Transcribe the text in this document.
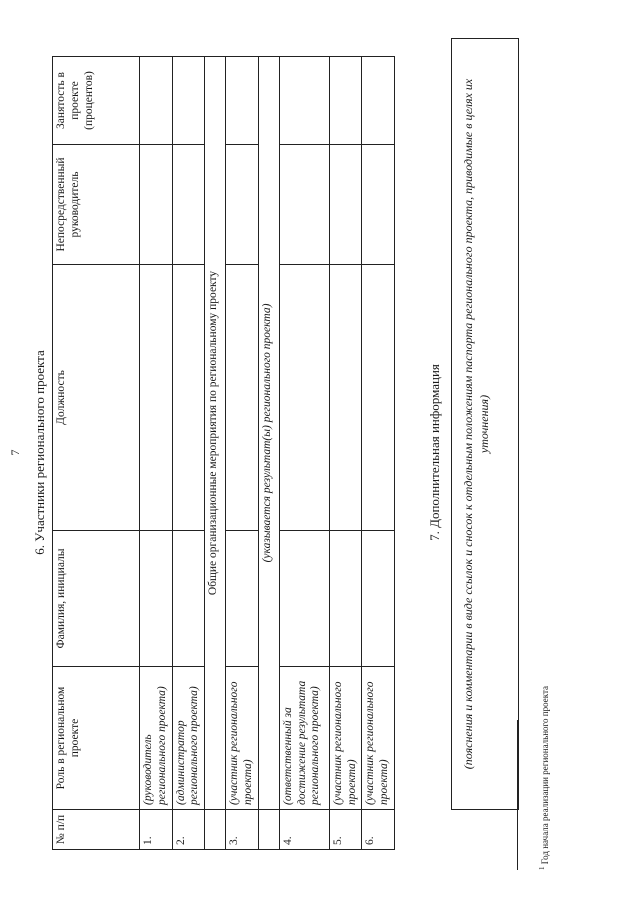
7 6. Участники регионального проекта
№ п/п	Роль в региональном проекте	Фамилия, инициалы	Должность	Непосредственный руководитель	Занятость в проекте (процентов)
1.	(руководитель регионального проекта)				
2.	(администратор регионального проекта)				
	Общие организационные мероприятия по региональному проекту				
3.	(участник регионального проекта)				
	(указывается результат(ы) регионального проекта)				
4.	(ответственный за достижение результата регионального проекта)				
5.	(участник регионального проекта)				
6.	(участник регионального проекта)				
7. Дополнительная информация	(пояснения и комментарии в виде ссылок и сносок к отдельным положениям паспорта регионального проекта, приводимые в целях их уточнения)
$^1$ Год начала реализации регионального проекта
